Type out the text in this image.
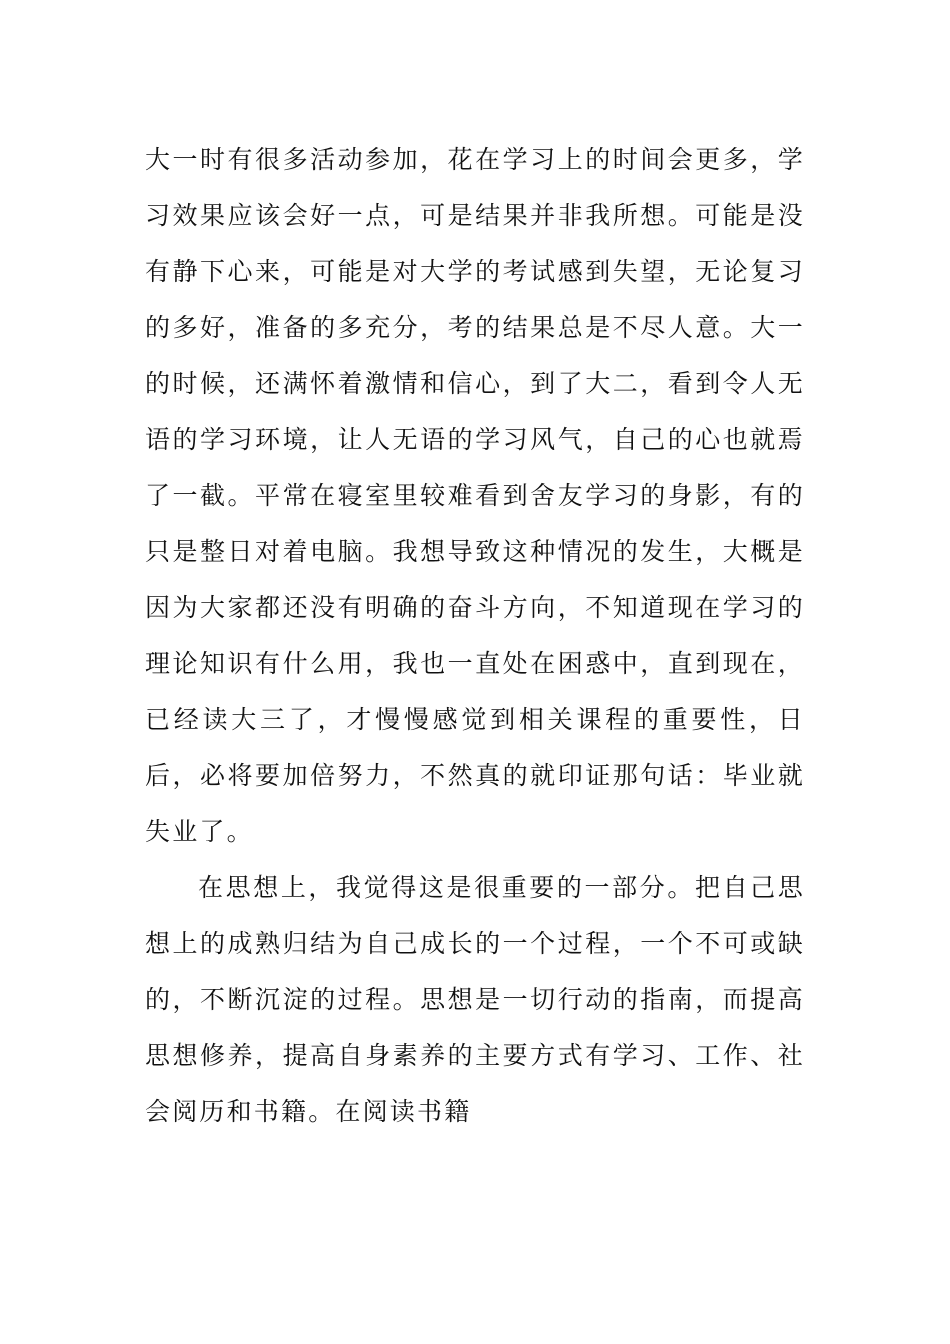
大一时有很多活动参加，花在学习上的时间会更多，学习效果应该会好一点，可是结果并非我所想。可能是没有静下心来，可能是对大学的考试感到失望，无论复习的多好，准备的多充分，考的结果总是不尽人意。大一的时候，还满怀着激情和信心，到了大二，看到令人无语的学习环境，让人无语的学习风气，自己的心也就焉了一截。平常在寝室里较难看到舍友学习的身影，有的只是整日对着电脑。我想导致这种情况的发生，大概是因为大家都还没有明确的奋斗方向，不知道现在学习的理论知识有什么用，我也一直处在困惑中，直到现在，已经读大三了，才慢慢感觉到相关课程的重要性，日后，必将要加倍努力，不然真的就印证那句话：毕业就失业了。

在思想上，我觉得这是很重要的一部分。把自己思想上的成熟归结为自己成长的一个过程，一个不可或缺的，不断沉淀的过程。思想是一切行动的指南，而提高思想修养，提高自身素养的主要方式有学习、工作、社会阅历和书籍。在阅读书籍
